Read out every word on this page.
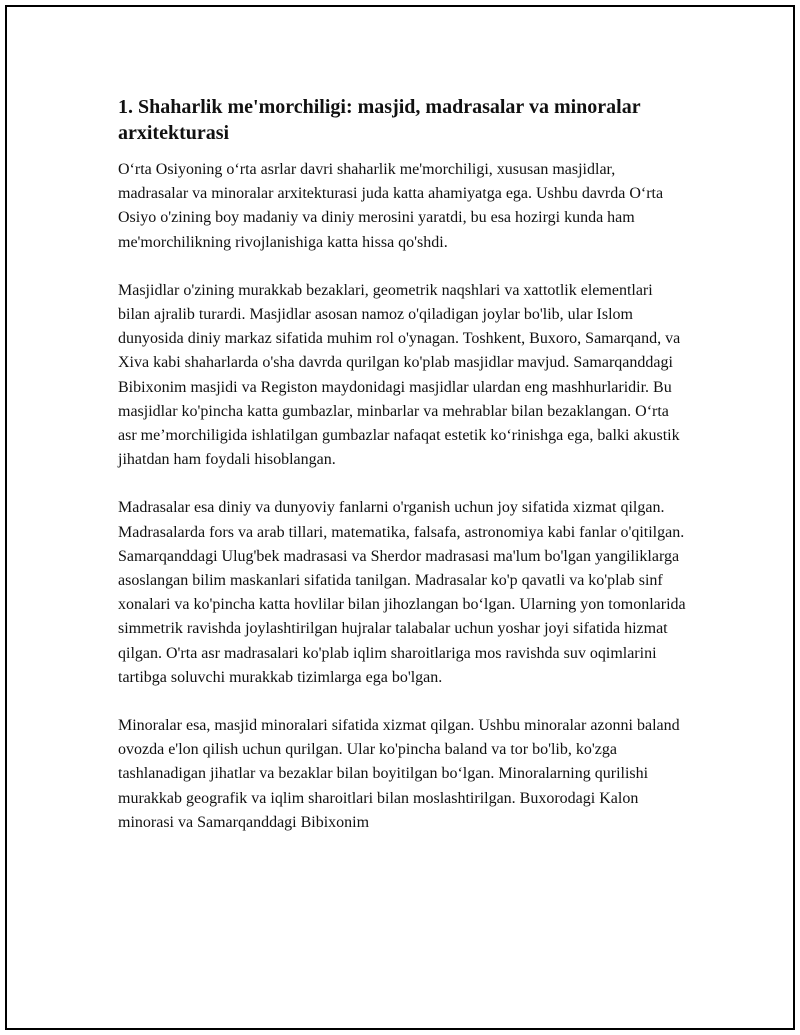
1. Shaharlik me'morchiligi: masjid, madrasalar va minoralar arxitekturasi

O‘rta Osiyoning o‘rta asrlar davri shaharlik me'morchiligi, xususan masjidlar, madrasalar va minoralar arxitekturasi juda katta ahamiyatga ega. Ushbu davrda O‘rta Osiyo o'zining boy madaniy va diniy merosini yaratdi, bu esa hozirgi kunda ham me'morchilikning rivojlanishiga katta hissa qo'shdi.

Masjidlar o'zining murakkab bezaklari, geometrik naqshlari va xattotlik elementlari bilan ajralib turardi. Masjidlar asosan namoz o'qiladigan joylar bo'lib, ular Islom dunyosida diniy markaz sifatida muhim rol o'ynagan. Toshkent, Buxoro, Samarqand, va Xiva kabi shaharlarda o'sha davrda qurilgan ko'plab masjidlar mavjud. Samarqanddagi Bibixonim masjidi va Registon maydonidagi masjidlar ulardan eng mashhurlaridir. Bu masjidlar ko'pincha katta gumbazlar, minbarlar va mehrablar bilan bezaklangan. O‘rta asr me’morchiligida ishlatilgan gumbazlar nafaqat estetik ko‘rinishga ega, balki akustik jihatdan ham foydali hisoblangan.

Madrasalar esa diniy va dunyoviy fanlarni o'rganish uchun joy sifatida xizmat qilgan. Madrasalarda fors va arab tillari, matematika, falsafa, astronomiya kabi fanlar o'qitilgan. Samarqanddagi Ulug'bek madrasasi va Sherdor madrasasi ma'lum bo'lgan yangiliklarga asoslangan bilim maskanlari sifatida tanilgan. Madrasalar ko'p qavatli va ko'plab sinf xonalari va ko'pincha katta hovlilar bilan jihozlangan bo‘lgan. Ularning yon tomonlarida simmetrik ravishda joylashtirilgan hujralar talabalar uchun yoshar joyi sifatida hizmat qilgan. O'rta asr madrasalari ko'plab iqlim sharoitlariga mos ravishda suv oqimlarini tartibga soluvchi murakkab tizimlarga ega bo'lgan.

Minoralar esa, masjid minoralari sifatida xizmat qilgan. Ushbu minoralar azonni baland ovozda e'lon qilish uchun qurilgan. Ular ko'pincha baland va tor bo'lib, ko'zga tashlanadigan jihatlar va bezaklar bilan boyitilgan bo‘lgan. Minoralarning qurilishi murakkab geografik va iqlim sharoitlari bilan moslashtirilgan. Buxorodagi Kalon minorasi va Samarqanddagi Bibixonim
